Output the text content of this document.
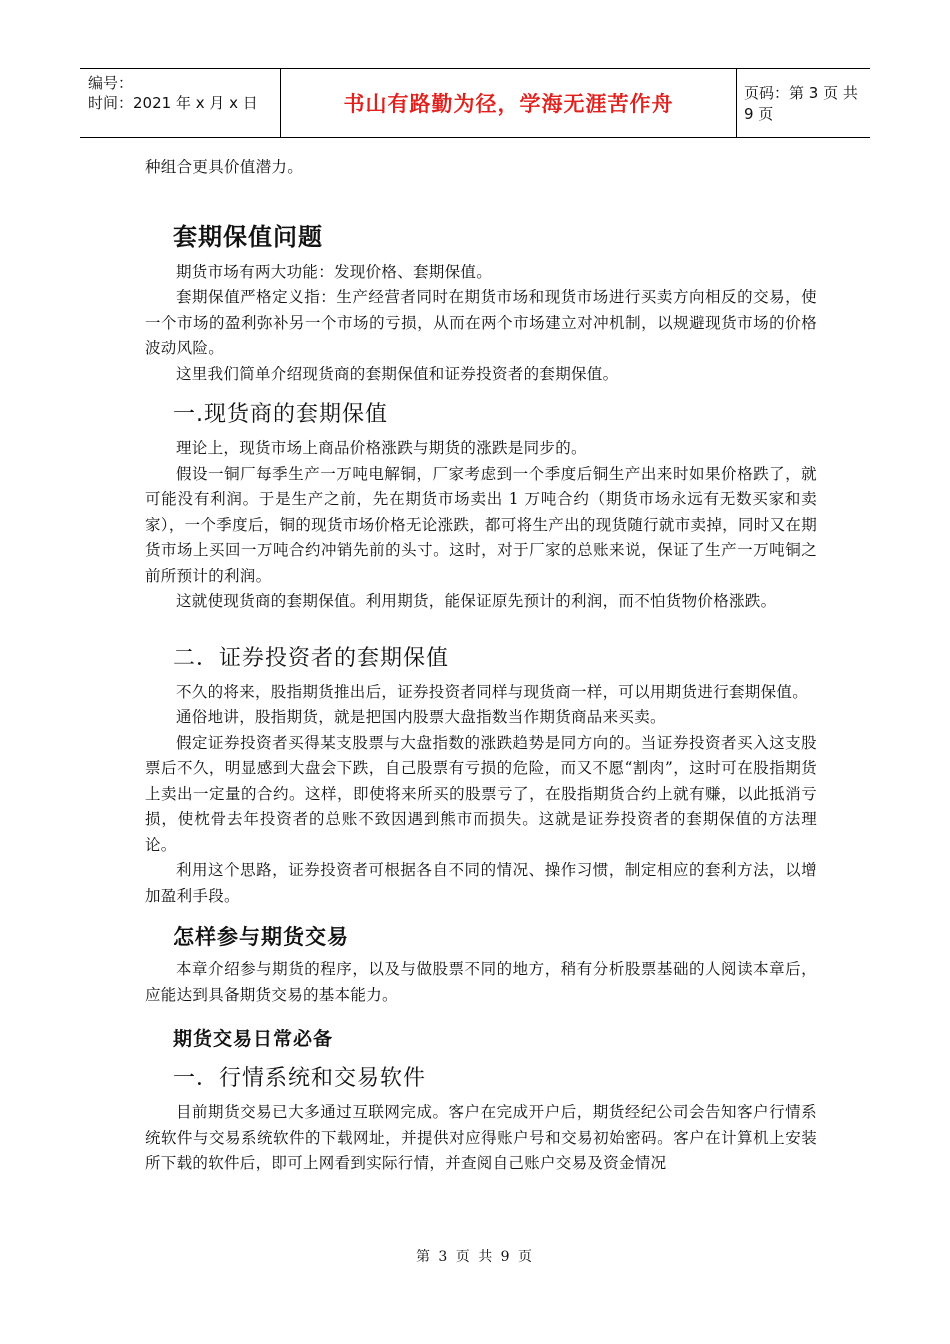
编号：
时间：2021 年 x 月 x 日	书山有路勤为径，学海无涯苦作舟	页码：第 3 页 共 9 页

种组合更具价值潜力。

套期保值问题

期货市场有两大功能：发现价格、套期保值。

套期保值严格定义指：生产经营者同时在期货市场和现货市场进行买卖方向相反的交易，使一个市场的盈利弥补另一个市场的亏损，从而在两个市场建立对冲机制，以规避现货市场的价格波动风险。

这里我们简单介绍现货商的套期保值和证券投资者的套期保值。

一.现货商的套期保值

理论上，现货市场上商品价格涨跌与期货的涨跌是同步的。

假设一铜厂每季生产一万吨电解铜，厂家考虑到一个季度后铜生产出来时如果价格跌了，就可能没有利润。于是生产之前，先在期货市场卖出 1 万吨合约（期货市场永远有无数买家和卖家），一个季度后，铜的现货市场价格无论涨跌，都可将生产出的现货随行就市卖掉，同时又在期货市场上买回一万吨合约冲销先前的头寸。这时，对于厂家的总账来说，保证了生产一万吨铜之前所预计的利润。

这就使现货商的套期保值。利用期货，能保证原先预计的利润，而不怕货物价格涨跌。

二．证券投资者的套期保值

不久的将来，股指期货推出后，证券投资者同样与现货商一样，可以用期货进行套期保值。

通俗地讲，股指期货，就是把国内股票大盘指数当作期货商品来买卖。

假定证券投资者买得某支股票与大盘指数的涨跌趋势是同方向的。当证券投资者买入这支股票后不久，明显感到大盘会下跌，自己股票有亏损的危险，而又不愿“割肉”，这时可在股指期货上卖出一定量的合约。这样，即使将来所买的股票亏了，在股指期货合约上就有赚，以此抵消亏损，使枕骨去年投资者的总账不致因遇到熊市而损失。这就是证券投资者的套期保值的方法理论。

利用这个思路，证券投资者可根据各自不同的情况、操作习惯，制定相应的套利方法，以增加盈利手段。

怎样参与期货交易

本章介绍参与期货的程序，以及与做股票不同的地方，稍有分析股票基础的人阅读本章后，应能达到具备期货交易的基本能力。

期货交易日常必备
一．行情系统和交易软件

目前期货交易已大多通过互联网完成。客户在完成开户后，期货经纪公司会告知客户行情系统软件与交易系统软件的下载网址，并提供对应得账户号和交易初始密码。客户在计算机上安装所下载的软件后，即可上网看到实际行情，并查阅自己账户交易及资金情况

第 3 页 共 9 页
